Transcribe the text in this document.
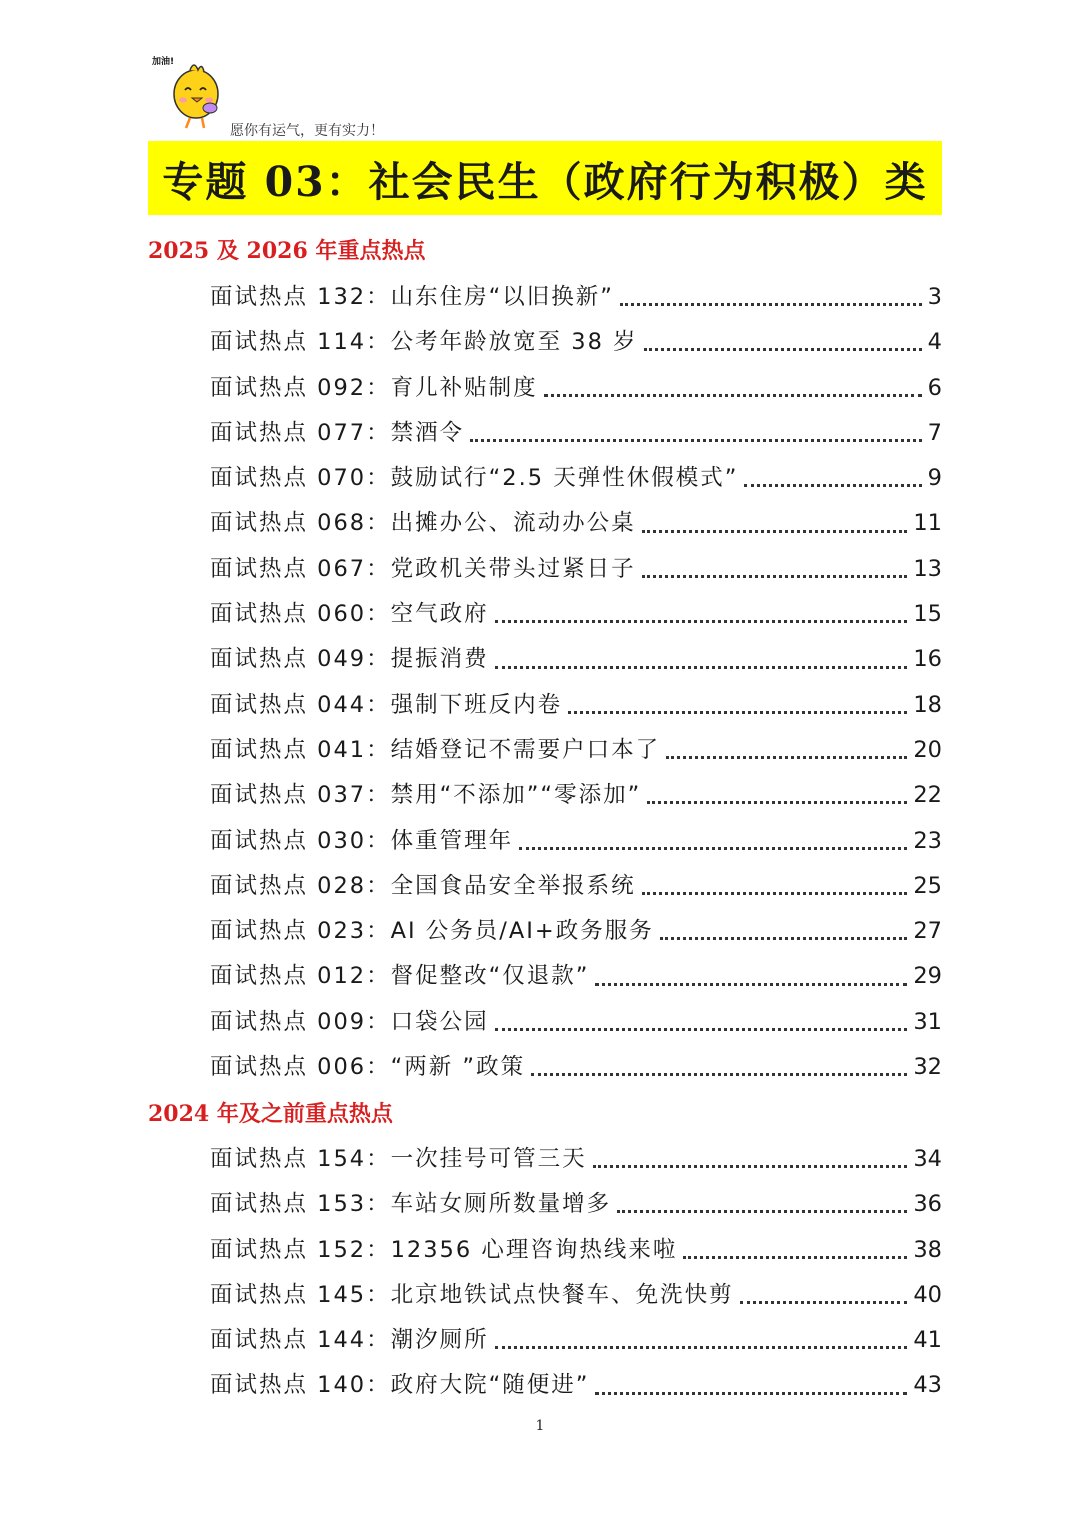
加油!
愿你有运气，更有实力！
专题 03：社会民生（政府行为积极）类
2025 及 2026 年重点热点
面试热点 132：山东住房“以旧换新”	3
面试热点 114：公考年龄放宽至 38 岁	4
面试热点 092：育儿补贴制度	6
面试热点 077：禁酒令	7
面试热点 070：鼓励试行“2.5 天弹性休假模式”	9
面试热点 068：出摊办公、流动办公桌	11
面试热点 067：党政机关带头过紧日子	13
面试热点 060：空气政府	15
面试热点 049：提振消费	16
面试热点 044：强制下班反内卷	18
面试热点 041：结婚登记不需要户口本了	20
面试热点 037：禁用“不添加”“零添加”	22
面试热点 030：体重管理年	23
面试热点 028：全国食品安全举报系统	25
面试热点 023：AI 公务员/AI+政务服务	27
面试热点 012：督促整改“仅退款”	29
面试热点 009：口袋公园	31
面试热点 006：“两新 ”政策	32
2024 年及之前重点热点
面试热点 154：一次挂号可管三天	34
面试热点 153：车站女厕所数量增多	36
面试热点 152：12356 心理咨询热线来啦	38
面试热点 145：北京地铁试点快餐车、免洗快剪	40
面试热点 144：潮汐厕所	41
面试热点 140：政府大院“随便进”	43
1
